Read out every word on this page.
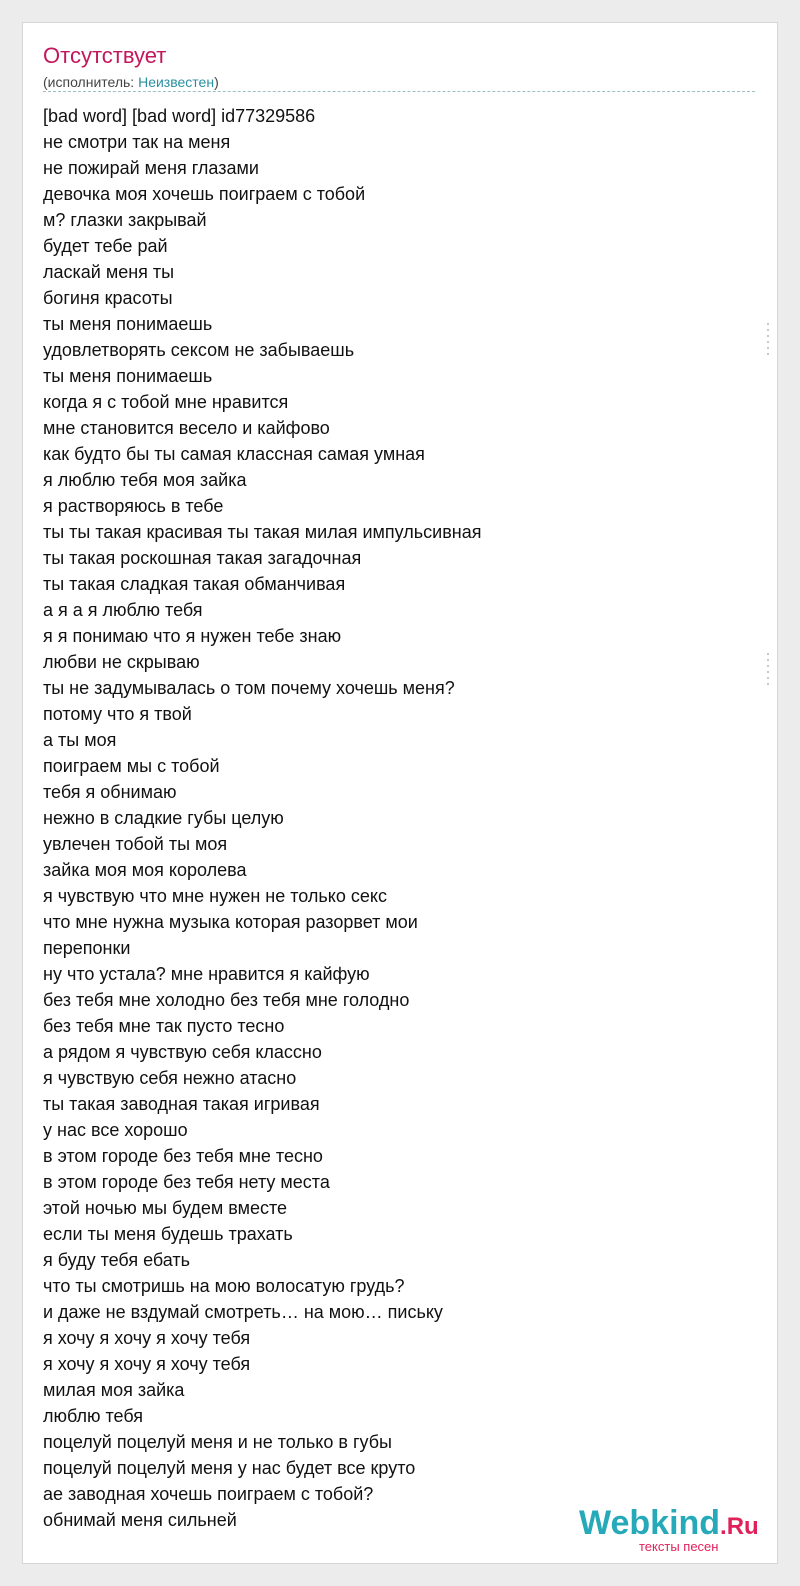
Отсутствует
(исполнитель: Неизвестен)
[bad word] [bad word] id77329586
не смотри так на меня
не пожирай меня глазами
девочка моя хочешь поиграем с тобой
м? глазки закрывай
будет тебе рай
ласкай меня ты
богиня красоты
ты меня понимаешь
удовлетворять сексом не забываешь
ты меня понимаешь
когда я с тобой мне нравится
мне становится весело и кайфово
как будто бы ты самая классная самая умная
я люблю тебя моя зайка
я растворяюсь в тебе
ты ты такая красивая ты такая милая импульсивная
ты такая роскошная такая загадочная
ты такая сладкая такая обманчивая
а я а я люблю тебя
я я понимаю что я нужен тебе знаю
любви не скрываю
ты не задумывалась о том почему хочешь меня?
потому что я твой
а ты моя
поиграем мы с тобой
тебя я обнимаю
нежно в сладкие губы целую
увлечен тобой ты моя
зайка моя моя королева
я чувствую что мне нужен не только секс
что мне нужна музыка которая разорвет мои
перепонки
ну что устала? мне нравится я кайфую
без тебя мне холодно без тебя мне голодно
без тебя мне так пусто тесно
а рядом я чувствую себя классно
я чувствую себя нежно атасно
ты такая заводная такая игривая
у нас все хорошо
в этом городе без тебя мне тесно
в этом городе без тебя нету места
этой ночью мы будем вместе
если ты меня будешь трахать
я буду тебя ебать
что ты смотришь на мою волосатую грудь?
и даже не вздумай смотреть… на мою… письку
я хочу я хочу я хочу тебя
я хочу я хочу я хочу тебя
милая моя зайка
люблю тебя
поцелуй поцелуй меня и не только в губы
поцелуй поцелуй меня у нас будет все круто
ае заводная хочешь поиграем с тобой?
обнимай меня сильней	Webkind.Ru
тексты песен
